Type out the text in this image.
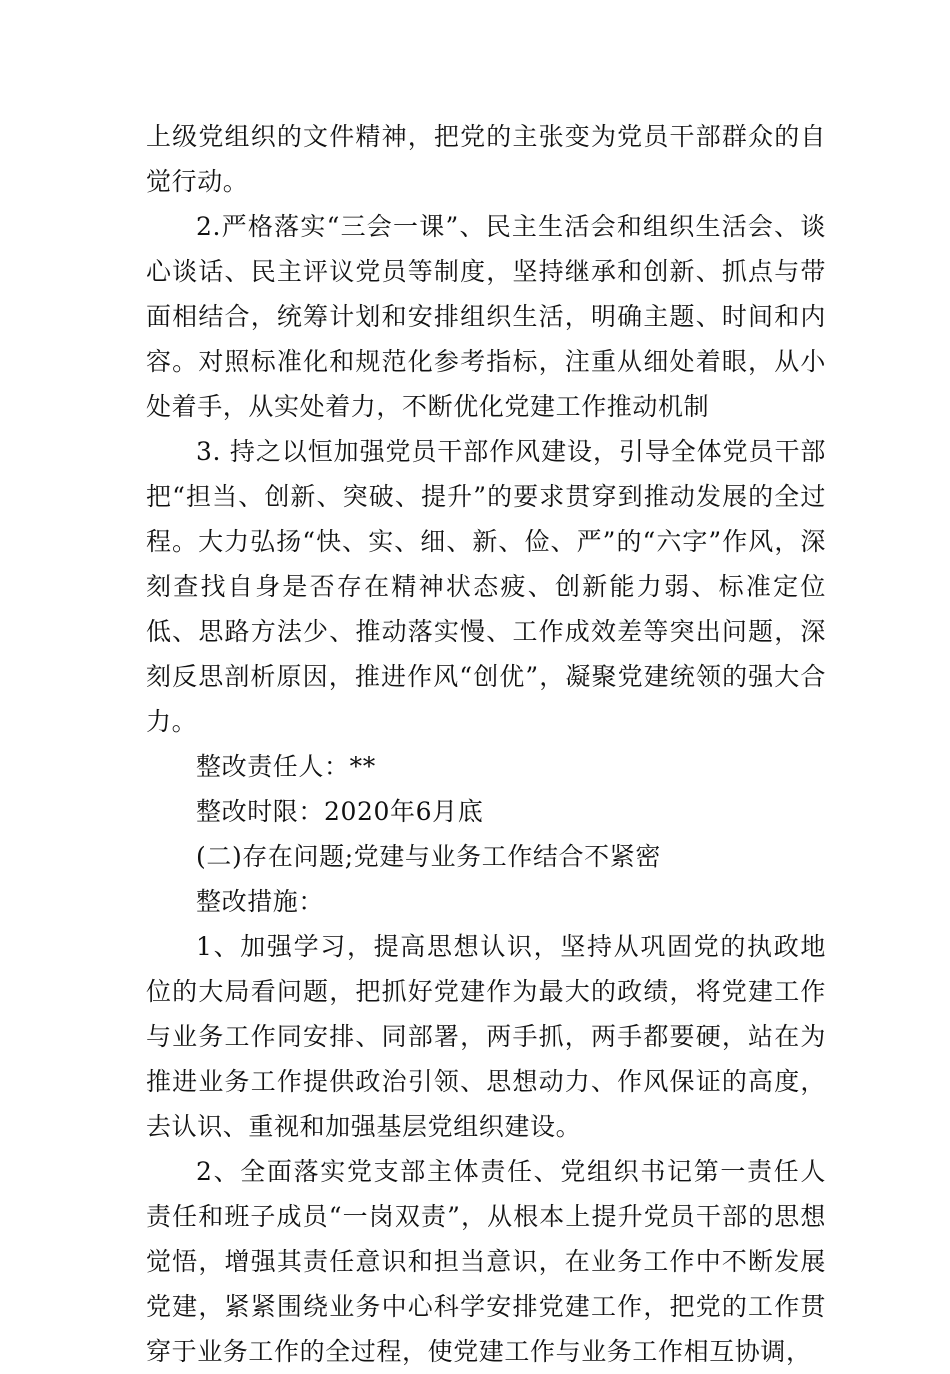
上级党组织的文件精神，把党的主张变为党员干部群众的自觉行动。

2.严格落实“三会一课”、民主生活会和组织生活会、谈心谈话、民主评议党员等制度，坚持继承和创新、抓点与带面相结合，统筹计划和安排组织生活，明确主题、时间和内容。对照标准化和规范化参考指标，注重从细处着眼，从小处着手，从实处着力，不断优化党建工作推动机制

3. 持之以恒加强党员干部作风建设，引导全体党员干部把“担当、创新、突破、提升”的要求贯穿到推动发展的全过程。大力弘扬“快、实、细、新、俭、严”的“六字”作风，深刻查找自身是否存在精神状态疲、创新能力弱、标准定位低、思路方法少、推动落实慢、工作成效差等突出问题，深刻反思剖析原因，推进作风“创优”，凝聚党建统领的强大合力。

整改责任人：**

整改时限：2020年6月底

(二)存在问题;党建与业务工作结合不紧密

整改措施：

1、加强学习，提高思想认识，坚持从巩固党的执政地位的大局看问题，把抓好党建作为最大的政绩，将党建工作与业务工作同安排、同部署，两手抓，两手都要硬，站在为推进业务工作提供政治引领、思想动力、作风保证的高度，去认识、重视和加强基层党组织建设。

2、全面落实党支部主体责任、党组织书记第一责任人责任和班子成员“一岗双责”，从根本上提升党员干部的思想觉悟，增强其责任意识和担当意识，在业务工作中不断发展党建，紧紧围绕业务中心科学安排党建工作，把党的工作贯穿于业务工作的全过程，使党建工作与业务工作相互协调，
